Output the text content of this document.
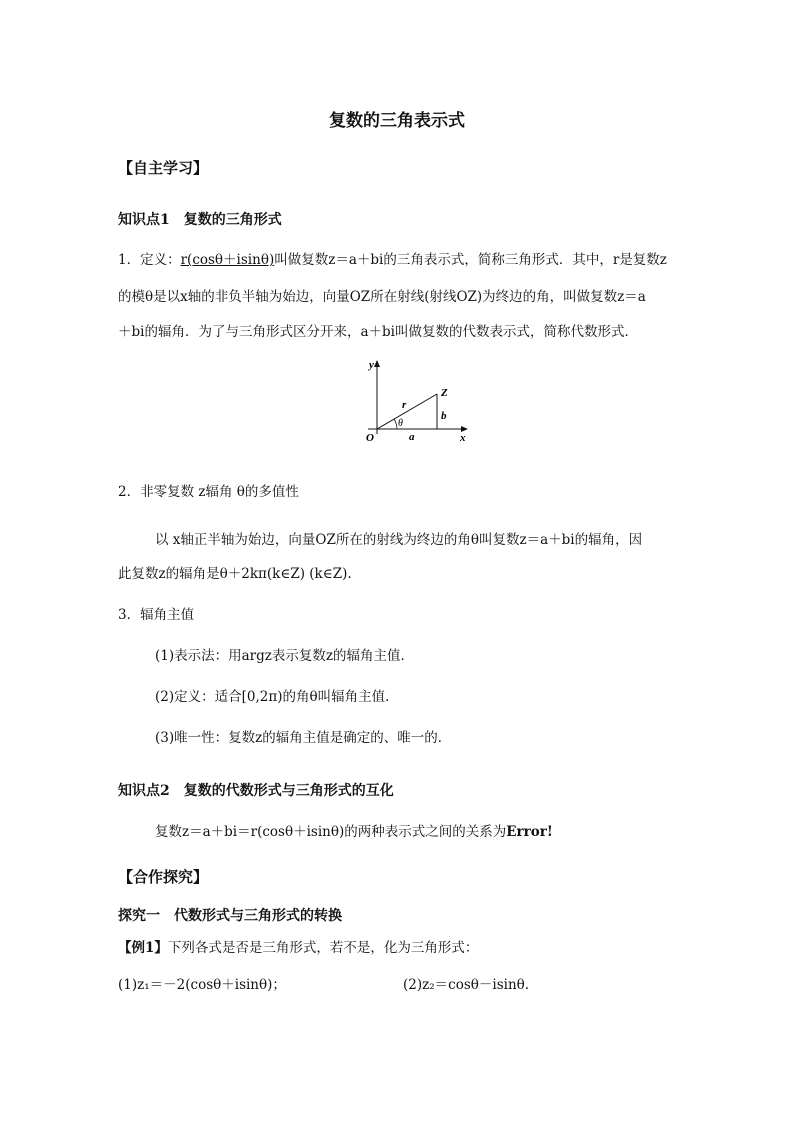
复数的三角表示式
【自主学习】
知识点1　复数的三角形式
1．定义：r(cosθ＋isinθ)叫做复数z＝a＋bi的三角表示式，简称三角形式．其中，r是复数z
的模θ是以x轴的非负半轴为始边，向量OZ所在射线(射线OZ)为终边的角，叫做复数z＝a
＋bi的辐角．为了与三角形式区分开来，a＋bi叫做复数的代数表示式，简称代数形式．
y
x
O
Z
r
b
a
θ
2．非零复数 z辐角 θ的多值性
以 x轴正半轴为始边，向量OZ所在的射线为终边的角θ叫复数z＝a＋bi的辐角，因
此复数z的辐角是θ＋2kπ(k∈Z) (k∈Z).
3．辐角主值
(1)表示法：用argz表示复数z的辐角主值．
(2)定义：适合[0,2π)的角θ叫辐角主值．
(3)唯一性：复数z的辐角主值是确定的、唯一的．
知识点2　复数的代数形式与三角形式的互化
复数z＝a＋bi＝r(cosθ＋isinθ)的两种表示式之间的关系为Error!
【合作探究】
探究一　代数形式与三角形式的转换
【例1】下列各式是否是三角形式，若不是，化为三角形式：
(1)z₁＝－2(cosθ＋isinθ)；	(2)z₂＝cosθ－isinθ.
